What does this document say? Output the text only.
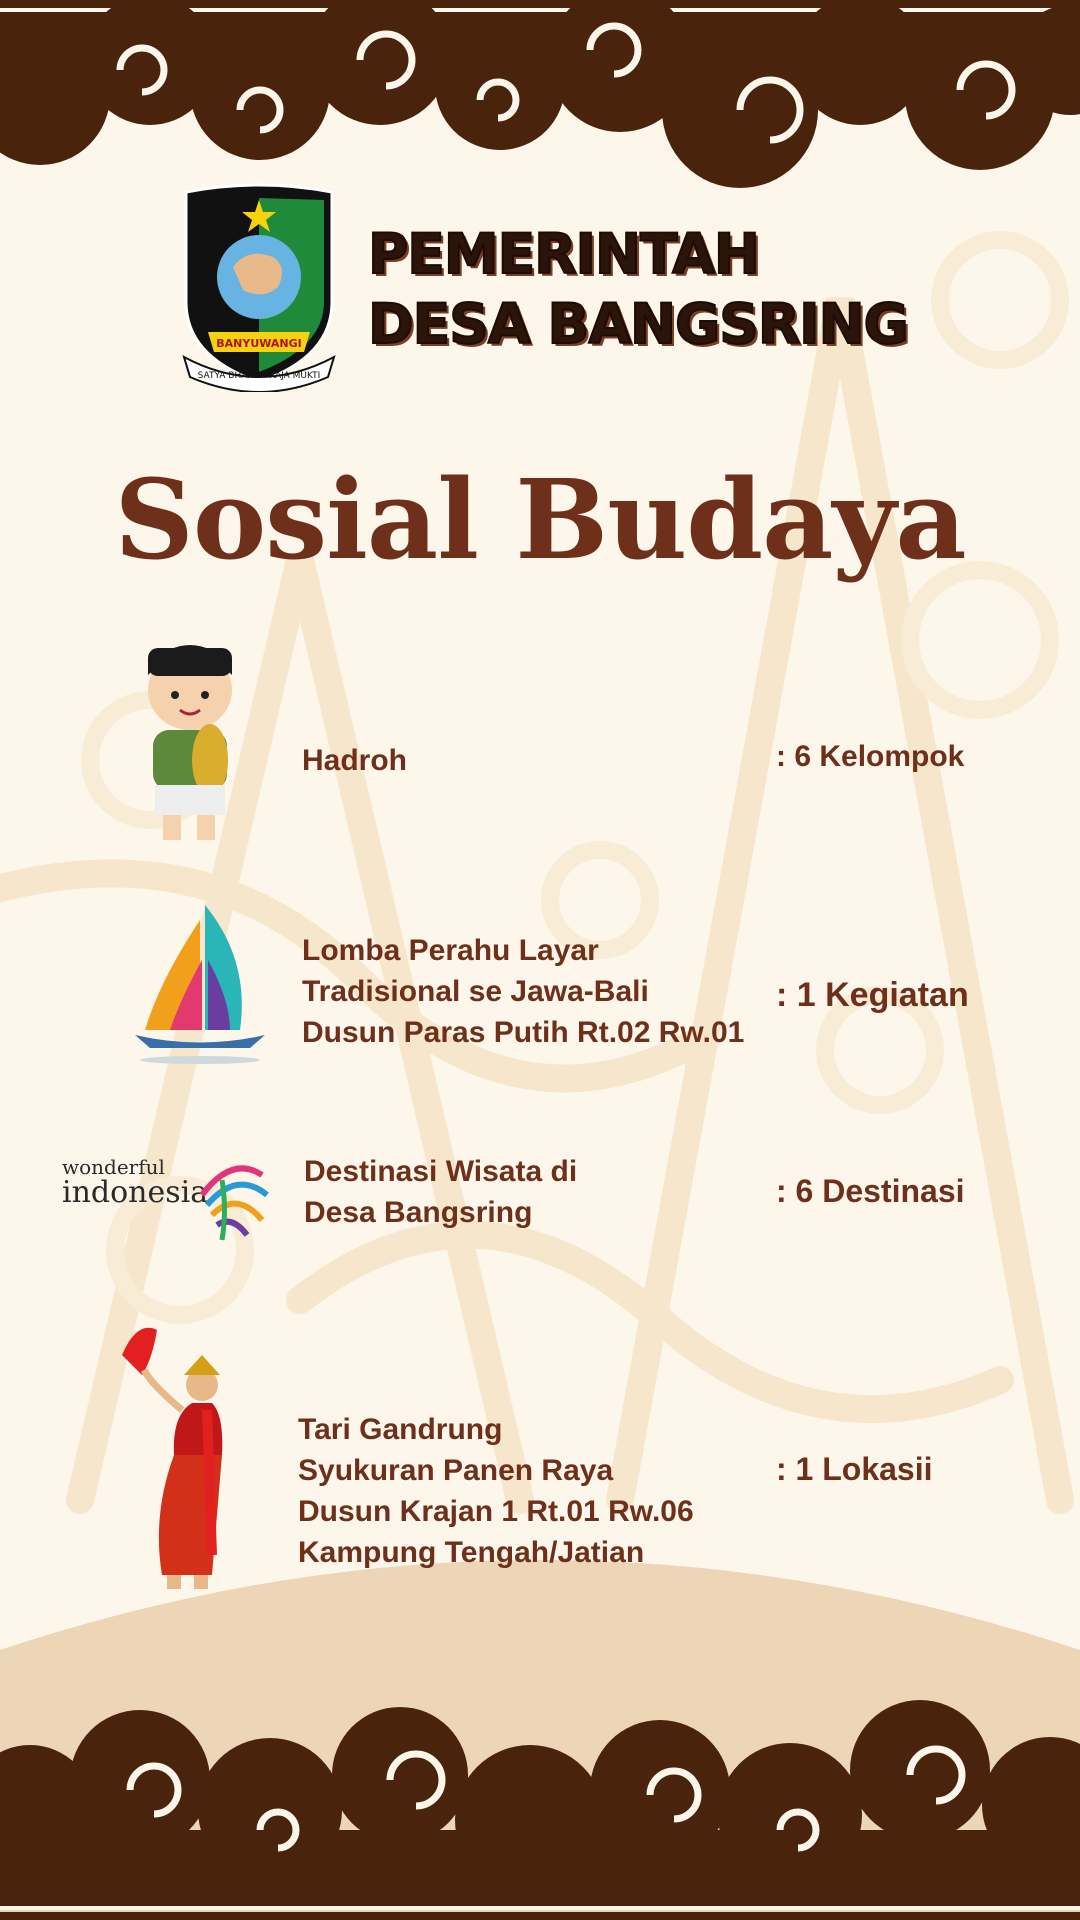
BANYUWANGI
SATYA BHAKTI PRAJA MUKTI
PEMERINTAH
DESA BANGSRING
Sosial Budaya
Hadroh	: 6 Kelompok
Lomba Perahu Layar
Tradisional se Jawa-Bali
Dusun Paras Putih Rt.02 Rw.01
: 1 Kegiatan
wonderful
indonesia
Destinasi Wisata di
Desa Bangsring
: 6 Destinasi
Tari Gandrung
Syukuran Panen Raya
Dusun Krajan 1 Rt.01 Rw.06
Kampung Tengah/Jatian
: 1 Lokasii
